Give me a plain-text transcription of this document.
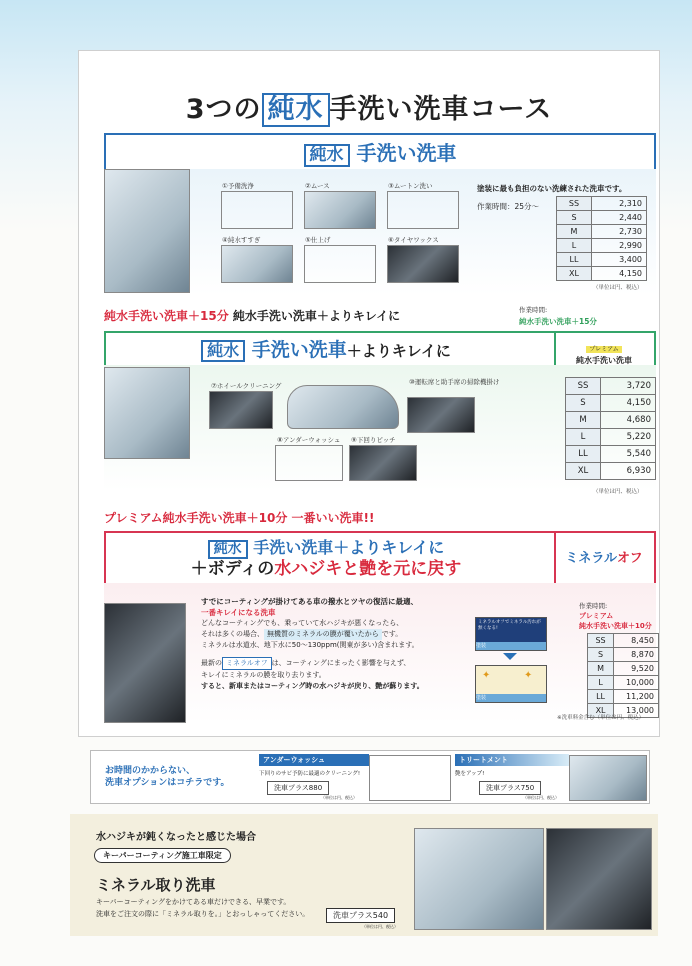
3つの 純水 手洗い洗車コース
純水 手洗い洗車
①予備洗浄	②ムース	③ムートン洗い
④純水すすぎ	⑤仕上げ	⑥タイヤワックス
塗装に最も負担のない洗練された洗車です。
作業時間：25分～	SS	2,310
S	2,440
M	2,730
L	2,990
LL	3,400
XL	4,150
（単位は円、税込）
純水手洗い洗車＋15分 純水手洗い洗車＋よりキレイに	作業時間:
純水手洗い洗車＋15分
純水 手洗い洗車＋よりキレイに	プレミアム
純水手洗い洗車
⑦ホイールクリーニング	⑩運転席と助手席の掃除機掛け
⑧アンダーウォッシュ ⑨下回りピッチ
SS	3,720
S	4,150
M	4,680
L	5,220
LL	5,540
XL	6,930
（単位は円、税込）
プレミアム純水手洗い洗車＋10分 一番いい洗車!!
純水 手洗い洗車＋よりキレイに
＋ボディの水ハジキと艶を元に戻す
ミネラルオフ
すでにコーティングが掛けてある車の撥水とツヤの復活に最適、
一番キレイになる洗車
どんなコーティングでも、乗っていて水ハジキが悪くなったら、
それは多くの場合、 無機質のミネラルの膜が覆いたから です。
ミネラルは水道水、地下水に50～130ppm(関東が多い)含まれます。
最新の ミネラルオフ は、コーティングにまったく影響を与えず、
キレイにミネラルの膜を取り去ります。
すると、新車またはコーティング時の水ハジキが戻り、艶が蘇ります。
ミネラルオフでミネラル汚れが無くなる!
塗装
✦	✦
塗装
作業時間:
プレミアム
純水手洗い洗車＋10分
SS	8,450
S	8,870
M	9,520
L	10,000
LL	11,200
XL	13,000
※洗車料金含む（単位は円、税込）
お時間のかからない、
洗車オプションはコチラです。
アンダーウォッシュ
下回りのサビ予防に最適のクリーニング!
洗車プラス880
（単位は円、税込）
トリートメント
艶をアップ!
洗車プラス750
（単位は円、税込）
水ハジキが鈍くなったと感じた場合
キーパーコーティング施工車限定
ミネラル取り洗車
キーパーコーティングをかけてある車だけできる、早業です。
洗車をご注文の際に「ミネラル取りを。」とおっしゃってください。	洗車プラス540
（単位は円、税込）
